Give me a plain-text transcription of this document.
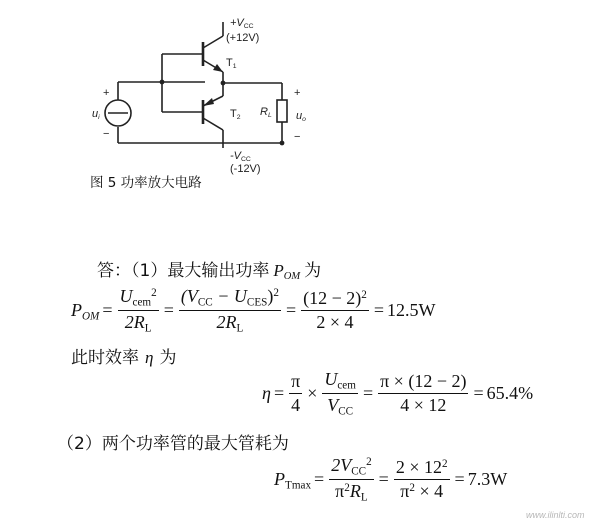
$+V_{CC}$
(+12V)
$T_1$
$T_2$
$-V_{CC}$
(-12V)
+
−
$u_i$	$R_L$
+
$u_o$
−
图 5 功率放大电路
答：（1）最大输出功率 $P_{OM}$ 为
$P_{OM} = \frac{U_{cem}^2}{2R_L} = \frac{(V_{CC} - U_{CES})^2}{2R_L} = \frac{(12 - 2)^2}{2 \times 4} = 12.5W$
此时效率 η 为
$\eta = \frac{\pi}{4} \times \frac{U_{cem}}{V_{CC}} = \frac{\pi \times (12 - 2)}{4 \times 12} = 65.4\%$
（2）两个功率管的最大管耗为
$P_{Tmax} = \frac{2V_{CC}^2}{\pi^2R_L} = \frac{2 \times 12^2}{\pi^2 \times 4} = 7.3W$
www.ilinlti.com
